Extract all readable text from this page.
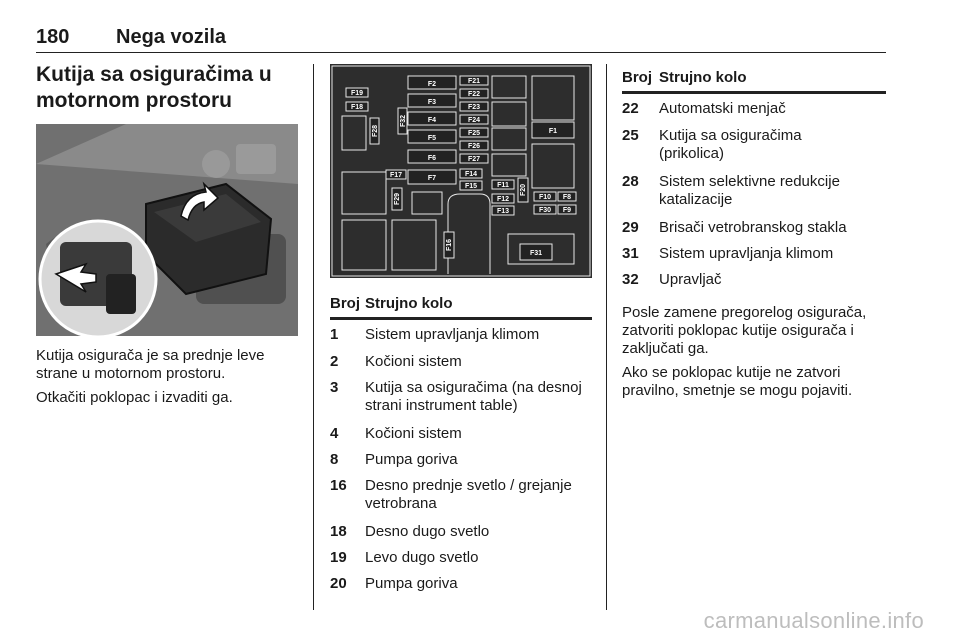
180 Nega vozila
Kutija sa osiguračima u
motornom prostoru
Kutija osigurača je sa prednje leve strane u motornom prostoru.
Otkačiti poklopac i izvaditi ga.
F2
F3
F4
F5
F6
F7
F21
F22
F23
F24
F25
F26
F27
F14
F15
F19
F18
F17
F11
F12
F13
F10 F8
F30 F9
F1
F31
F28
F32
F29
F20
F16
Broj Strujno kolo
1 Sistem upravljanja klimom
2 Kočioni sistem
3 Kutija sa osiguračima (na desnoj strani instrument table)
4 Kočioni sistem
8 Pumpa goriva
16 Desno prednje svetlo / grejanje vetrobrana
18 Desno dugo svetlo
19 Levo dugo svetlo
20 Pumpa goriva
Broj Strujno kolo
22 Automatski menjač
25 Kutija sa osiguračima (prikolica)
28 Sistem selektivne redukcije katalizacije
29 Brisači vetrobranskog stakla
31 Sistem upravljanja klimom
32 Upravljač
Posle zamene pregorelog osigurača, zatvoriti poklopac kutije osigurača i zaključati ga.
Ako se poklopac kutije ne zatvori pravilno, smetnje se mogu pojaviti.
carmanualsonline.info
